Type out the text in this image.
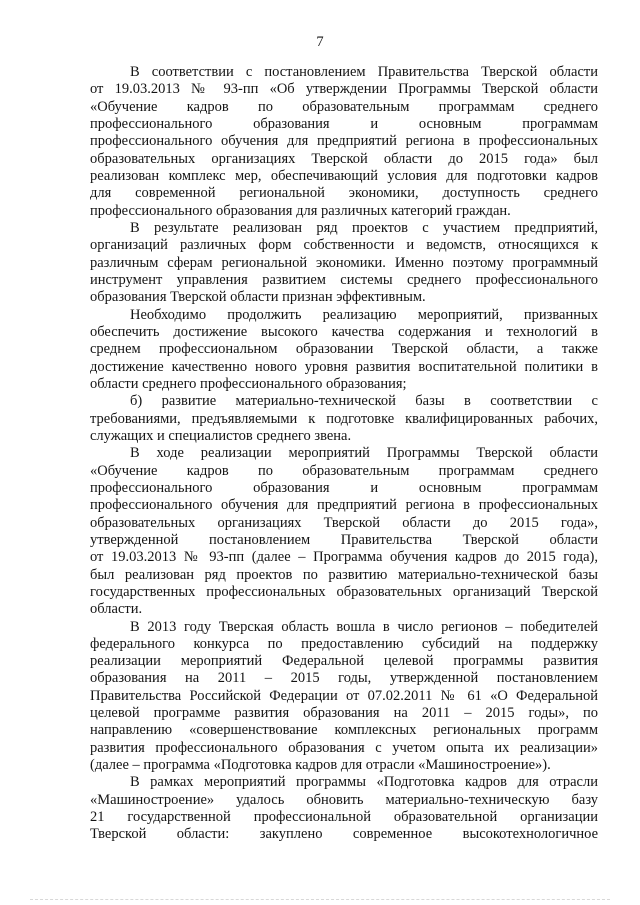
7
В соответствии с постановлением Правительства Тверской области
от 19.03.2013 № 93-пп «Об утверждении Программы Тверской области
«Обучение кадров по образовательным программам среднего
профессионального образования и основным программам
профессионального обучения для предприятий региона в профессиональных
образовательных организациях Тверской области до 2015 года» был
реализован комплекс мер, обеспечивающий условия для подготовки кадров
для современной региональной экономики, доступность среднего
профессионального образования для различных категорий граждан.
В результате реализован ряд проектов с участием предприятий,
организаций различных форм собственности и ведомств, относящихся к
различным сферам региональной экономики. Именно поэтому программный
инструмент управления развитием системы среднего профессионального
образования Тверской области признан эффективным.
Необходимо продолжить реализацию мероприятий, призванных
обеспечить достижение высокого качества содержания и технологий в
среднем профессиональном образовании Тверской области, а также
достижение качественно нового уровня развития воспитательной политики в
области среднего профессионального образования;
б) развитие материально-технической базы в соответствии с
требованиями, предъявляемыми к подготовке квалифицированных рабочих,
служащих и специалистов среднего звена.
В ходе реализации мероприятий Программы Тверской области
«Обучение кадров по образовательным программам среднего
профессионального образования и основным программам
профессионального обучения для предприятий региона в профессиональных
образовательных организациях Тверской области до 2015 года»,
утвержденной постановлением Правительства Тверской области
от 19.03.2013 № 93-пп (далее – Программа обучения кадров до 2015 года),
был реализован ряд проектов по развитию материально-технической базы
государственных профессиональных образовательных организаций Тверской
области.
В 2013 году Тверская область вошла в число регионов – победителей
федерального конкурса по предоставлению субсидий на поддержку
реализации мероприятий Федеральной целевой программы развития
образования на 2011 – 2015 годы, утвержденной постановлением
Правительства Российской Федерации от 07.02.2011 № 61 «О Федеральной
целевой программе развития образования на 2011 – 2015 годы», по
направлению «совершенствование комплексных региональных программ
развития профессионального образования с учетом опыта их реализации»
(далее – программа «Подготовка кадров для отрасли «Машиностроение»).
В рамках мероприятий программы «Подготовка кадров для отрасли
«Машиностроение» удалось обновить материально-техническую базу
21 государственной профессиональной образовательной организации
Тверской области: закуплено современное высокотехнологичное
